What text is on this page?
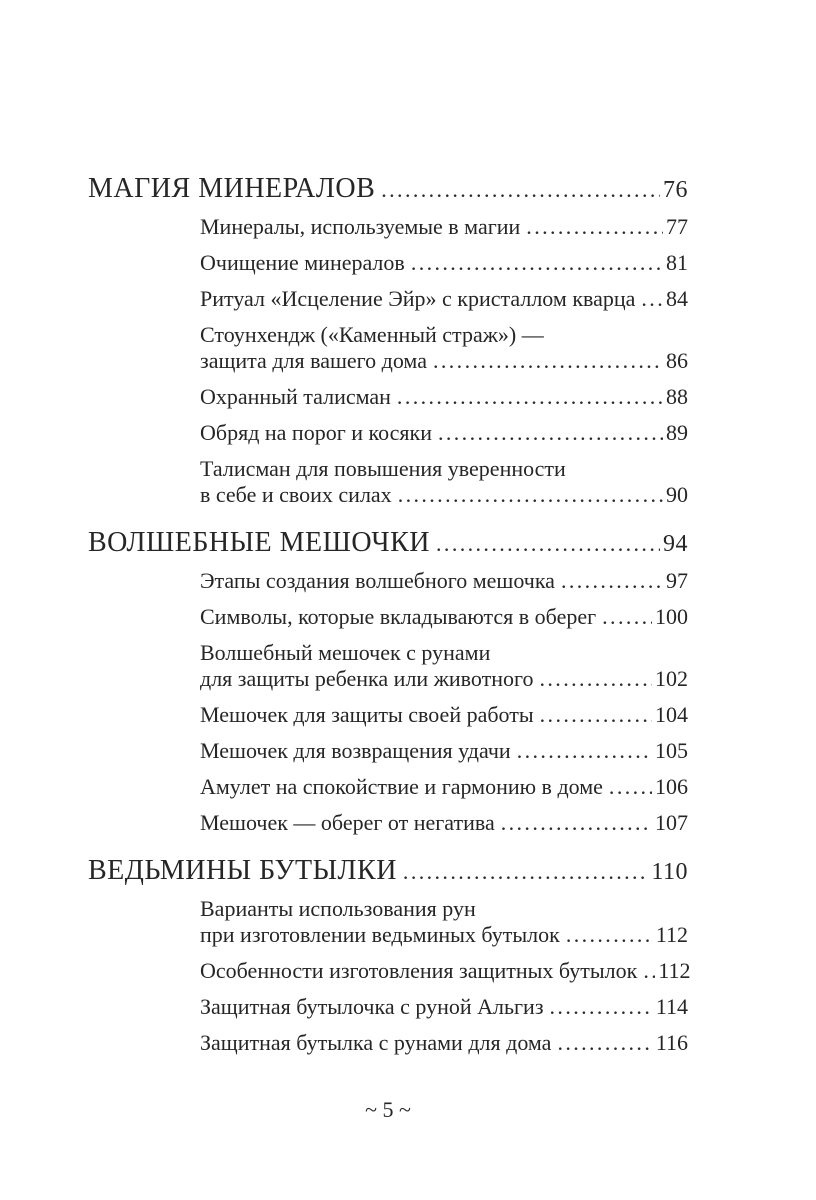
МАГИЯ МИНЕРАЛОВ .....	76
Минералы, используемые в магии .....	77
Очищение минералов .....	81
Ритуал «Исцеление Эйр» с кристаллом кварца ..... 84
Стоунхендж («Каменный страж») —
защита для вашего дома .....	86
Охранный талисман .....	88
Обряд на порог и косяки .....	89
Талисман для повышения уверенности
в себе и своих силах .....	90
ВОЛШЕБНЫЕ МЕШОЧКИ .....	94
Этапы создания волшебного мешочка .....	97
Символы, которые вкладываются в оберег .....	100
Волшебный мешочек с рунами
для защиты ребенка или животного .....	102
Мешочек для защиты своей работы .....	104
Мешочек для возвращения удачи .....	105
Амулет на спокойствие и гармонию в доме ..... 106
Мешочек — оберег от негатива .....	107
ВЕДЬМИНЫ БУТЫЛКИ .....	110
Варианты использования рун
при изготовлении ведьминых бутылок .....	112
Особенности изготовления защитных бутылок ..... 112
Защитная бутылочка с руной Альгиз .....	114
Защитная бутылка с рунами для дома .....	116
~ 5 ~
